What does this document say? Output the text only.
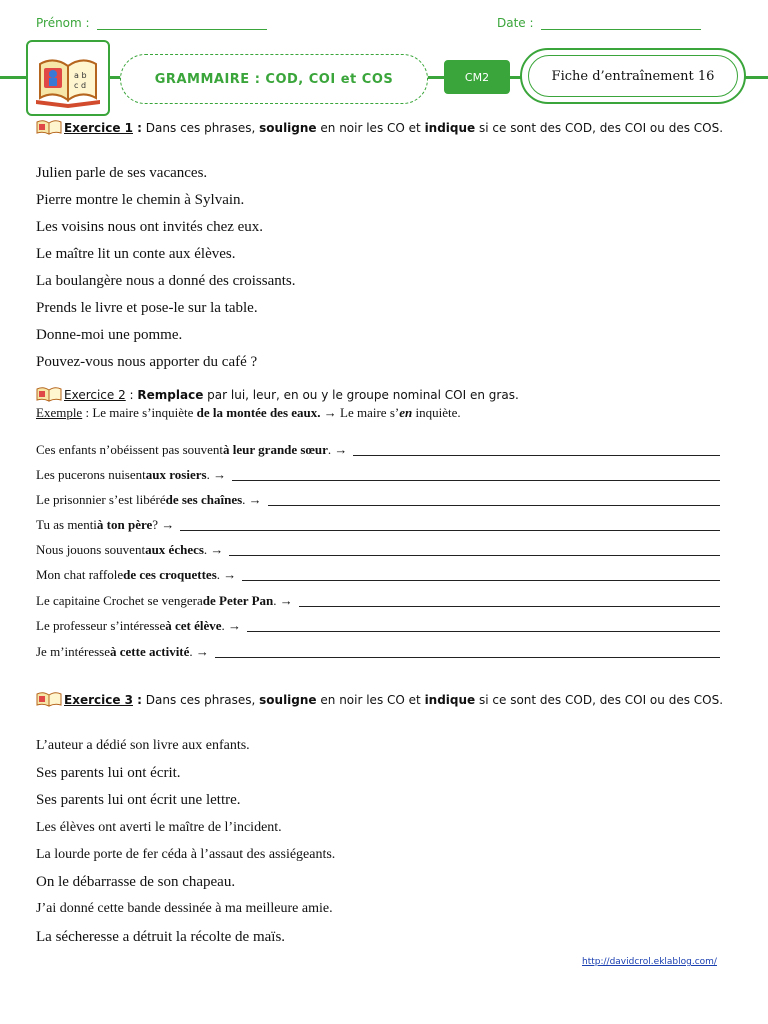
Prénom :	Date :
a b
c d	GRAMMAIRE : COD, COI et COS	CM2	Fiche d’entraînement 16
Exercice 1 : Dans ces phrases, souligne en noir les CO et indique si ce sont des COD, des COI ou des COS.
Julien parle de ses vacances.
Pierre montre le chemin à Sylvain.
Les voisins nous ont invités chez eux.
Le maître lit un conte aux élèves.
La boulangère nous a donné des croissants.
Prends le livre et pose-le sur la table.
Donne-moi une pomme.
Pouvez-vous nous apporter du café ?
Exercice 2 : Remplace par lui, leur, en ou y le groupe nominal COI en gras.
Exemple : Le maire s’inquiète de la montée des eaux. → Le maire s’en inquiète.
Ces enfants n’obéissent pas souvent à leur grande sœur . →
Les pucerons nuisent aux rosiers . →
Le prisonnier s’est libéré de ses chaînes . →
Tu as menti à ton père ? →
Nous jouons souvent aux échecs . →
Mon chat raffole de ces croquettes . →
Le capitaine Crochet se vengera de Peter Pan . →
Le professeur s’intéresse à cet élève . →
Je m’intéresse à cette activité . →
Exercice 3 : Dans ces phrases, souligne en noir les CO et indique si ce sont des COD, des COI ou des COS.
L’auteur a dédié son livre aux enfants.
Ses parents lui ont écrit.
Ses parents lui ont écrit une lettre.
Les élèves ont averti le maître de l’incident.
La lourde porte de fer céda à l’assaut des assiégeants.
On le débarrasse de son chapeau.
J’ai donné cette bande dessinée à ma meilleure amie.
La sécheresse a détruit la récolte de maïs.
http://davidcrol.eklablog.com/
